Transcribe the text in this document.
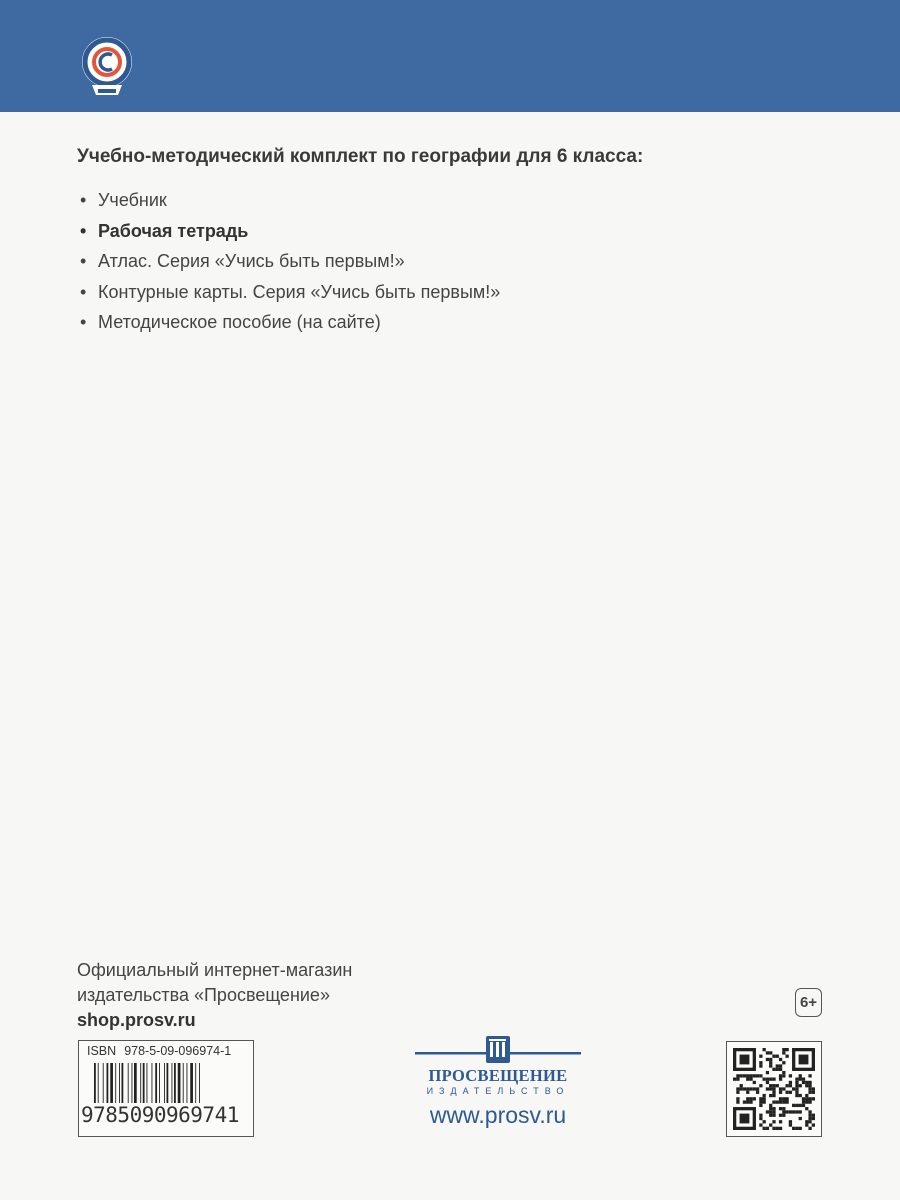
Учебно-методический комплект по географии для 6 класса:
• Учебник
• Рабочая тетрадь
• Атлас. Серия «Учись быть первым!»
• Контурные карты. Серия «Учись быть первым!»
• Методическое пособие (на сайте)
Официальный интернет-магазин
издательства «Просвещение»
shop.prosv.ru
6+
ISBN 978-5-09-096974-1
9785090969741
ПРОСВЕЩЕНИЕ
ИЗДАТЕЛЬСТВО
www.prosv.ru
